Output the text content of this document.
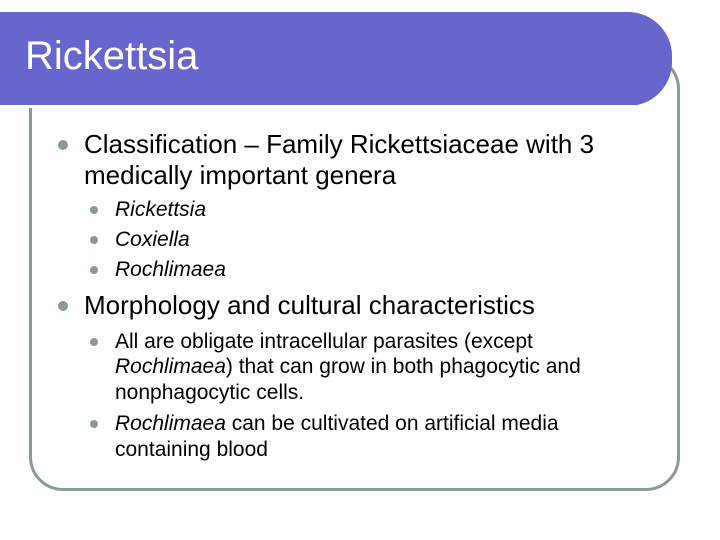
Rickettsia

Classification – Family Rickettsiaceae with 3

medically important genera

Rickettsia

Coxiella

Rochlimaea

Morphology and cultural characteristics

All are obligate intracellular parasites (except

Rochlimaea) that can grow in both phagocytic and

nonphagocytic cells.

Rochlimaea can be cultivated on artificial media

containing blood
